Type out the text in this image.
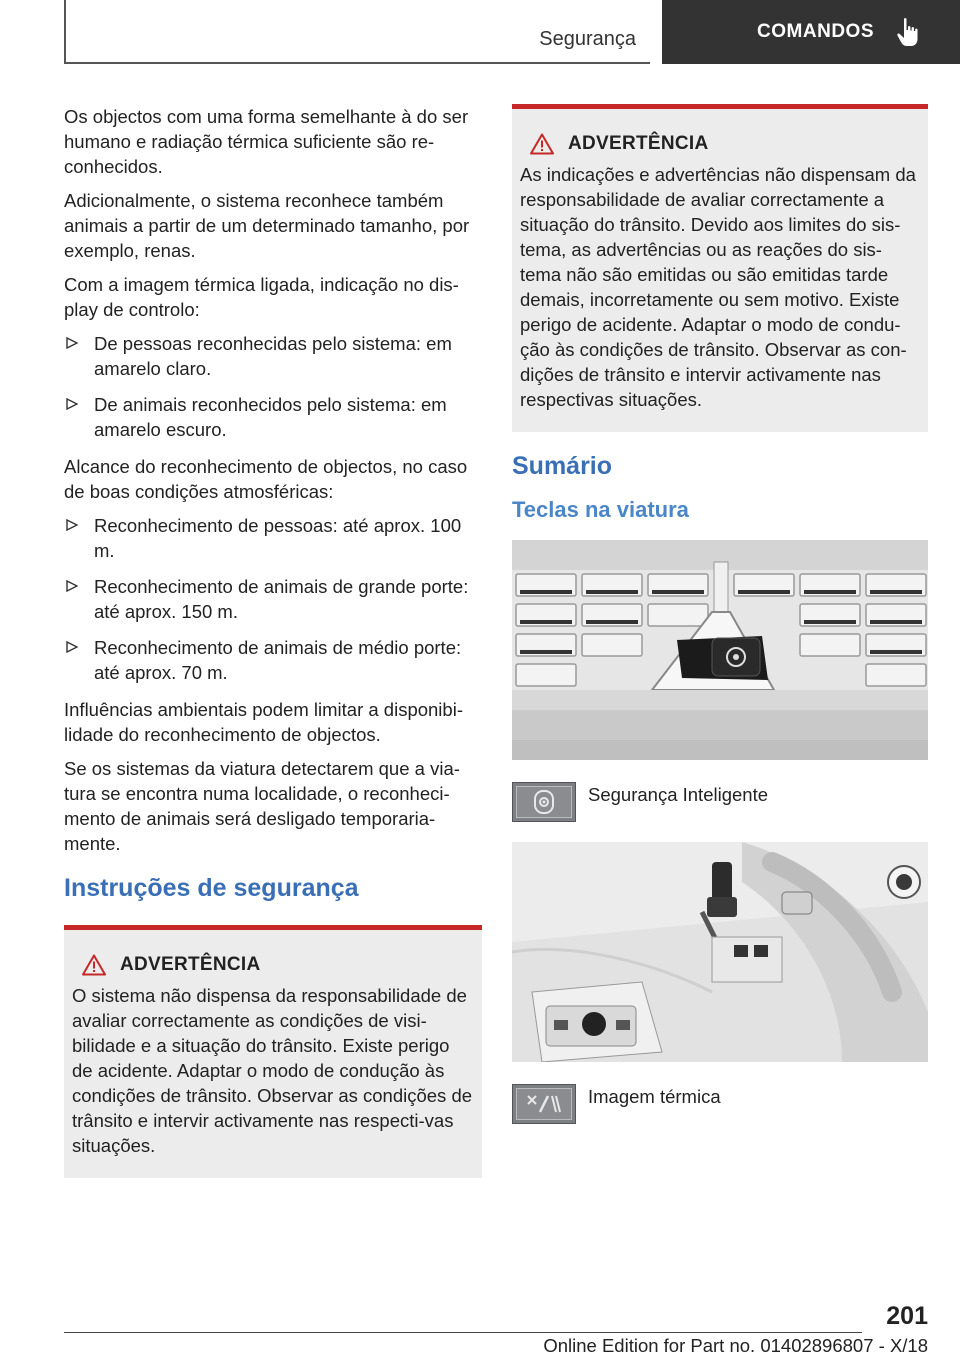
Segurança	COMANDOS

Os objectos com uma forma semelhante à do ser humano e radiação térmica suficiente são re‐conhecidos.

Adicionalmente, o sistema reconhece também animais a partir de um determinado tamanho, por exemplo, renas.

Com a imagem térmica ligada, indicação no dis‐play de controlo:

De pessoas reconhecidas pelo sistema: em amarelo claro.
De animais reconhecidos pelo sistema: em amarelo escuro.

Alcance do reconhecimento de objectos, no caso de boas condições atmosféricas:

Reconhecimento de pessoas: até aprox. 100 m.
Reconhecimento de animais de grande porte: até aprox. 150 m.
Reconhecimento de animais de médio porte: até aprox. 70 m.

Influências ambientais podem limitar a disponibi‐lidade do reconhecimento de objectos.

Se os sistemas da viatura detectarem que a via‐tura se encontra numa localidade, o reconheci‐mento de animais será desligado temporaria‐mente.

Instruções de segurança
ADVERTÊNCIA
O sistema não dispensa da responsabilidade de avaliar correctamente as condições de visi‐bilidade e a situação do trânsito. Existe perigo de acidente. Adaptar o modo de condução às condições de trânsito. Observar as condições de trânsito e intervir activamente nas respecti‐vas situações.
ADVERTÊNCIA
As indicações e advertências não dispensam da responsabilidade de avaliar correctamente a situação do trânsito. Devido aos limites do sis‐tema, as advertências ou as reações do sis‐tema não são emitidas ou são emitidas tarde demais, incorretamente ou sem motivo. Existe perigo de acidente. Adaptar o modo de condu‐ção às condições de trânsito. Observar as con‐dições de trânsito e intervir activamente nas respectivas situações.
Sumário
Teclas na viatura
Segurança Inteligente
Imagem térmica
201
Online Edition for Part no. 01402896807 - X/18
